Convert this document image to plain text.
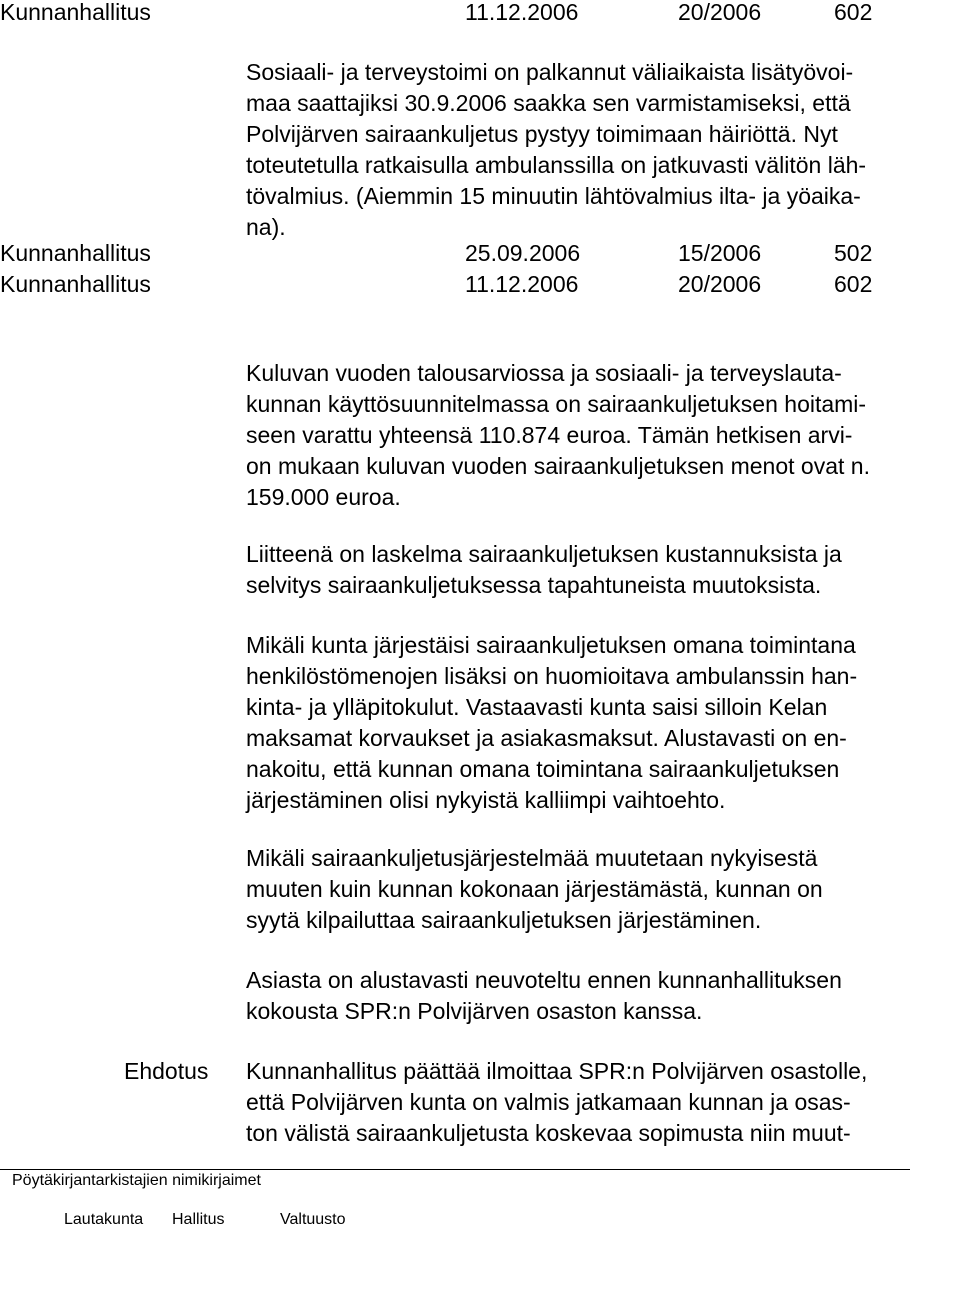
Kunnanhallitus	11.12.2006	20/2006	602
Sosiaali- ja terveystoimi on palkannut väliaikaista lisätyövoi-
maa saattajiksi 30.9.2006 saakka sen varmistamiseksi, että
Polvijärven sairaankuljetus pystyy toimimaan häiriöttä. Nyt
toteutetulla ratkaisulla ambulanssilla on jatkuvasti välitön läh-
tövalmius. (Aiemmin 15 minuutin lähtövalmius ilta- ja yöaika-
na).
Kunnanhallitus	25.09.2006	15/2006	502
Kunnanhallitus	11.12.2006	20/2006	602
Kuluvan vuoden talousarviossa ja sosiaali- ja terveyslauta-
kunnan käyttösuunnitelmassa on sairaankuljetuksen hoitami-
seen varattu yhteensä 110.874 euroa. Tämän hetkisen arvi-
on mukaan kuluvan vuoden sairaankuljetuksen menot ovat n.
159.000 euroa.
Liitteenä on laskelma sairaankuljetuksen kustannuksista ja
selvitys sairaankuljetuksessa tapahtuneista muutoksista.
Mikäli kunta järjestäisi sairaankuljetuksen omana toimintana
henkilöstömenojen lisäksi on huomioitava ambulanssin han-
kinta- ja ylläpitokulut. Vastaavasti kunta saisi silloin Kelan
maksamat korvaukset ja asiakasmaksut. Alustavasti on en-
nakoitu, että kunnan omana toimintana sairaankuljetuksen
järjestäminen olisi nykyistä kalliimpi vaihtoehto.
Mikäli sairaankuljetusjärjestelmää muutetaan nykyisestä
muuten kuin kunnan kokonaan järjestämästä, kunnan on
syytä kilpailuttaa sairaankuljetuksen järjestäminen.
Asiasta on alustavasti neuvoteltu ennen kunnanhallituksen
kokousta SPR:n Polvijärven osaston kanssa.
Ehdotus Kunnanhallitus päättää ilmoittaa SPR:n Polvijärven osastolle,
että Polvijärven kunta on valmis jatkamaan kunnan ja osas-
ton välistä sairaankuljetusta koskevaa sopimusta niin muut-
Pöytäkirjantarkistajien nimikirjaimet
Lautakunta Hallitus	Valtuusto
